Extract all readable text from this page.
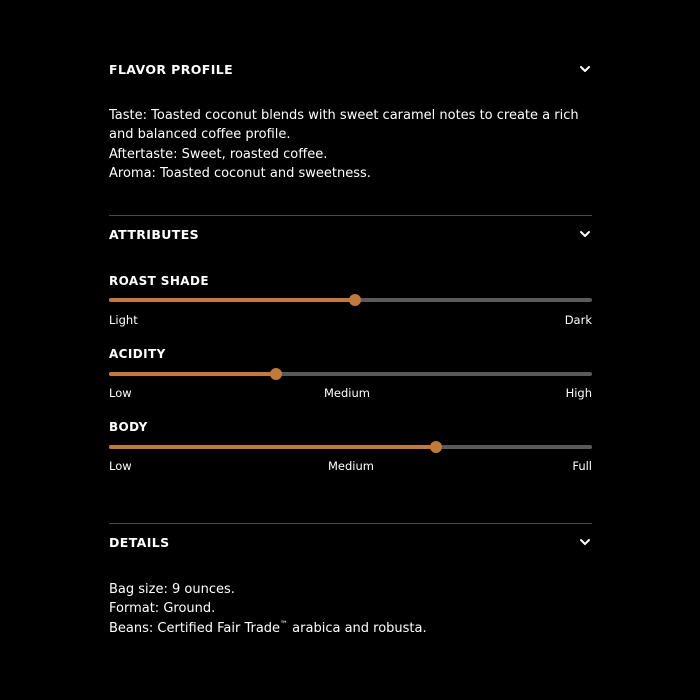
FLAVOR PROFILE
Taste: Toasted coconut blends with sweet caramel notes to create a rich and balanced coffee profile.
Aftertaste: Sweet, roasted coffee.
Aroma: Toasted coconut and sweetness.
ATTRIBUTES
ROAST SHADE
Light	Dark
ACIDITY
Low	Medium	High
BODY
Low	Medium	Full
DETAILS
Bag size: 9 ounces.
Format: Ground.
Beans: Certified Fair Trade™ arabica and robusta.
